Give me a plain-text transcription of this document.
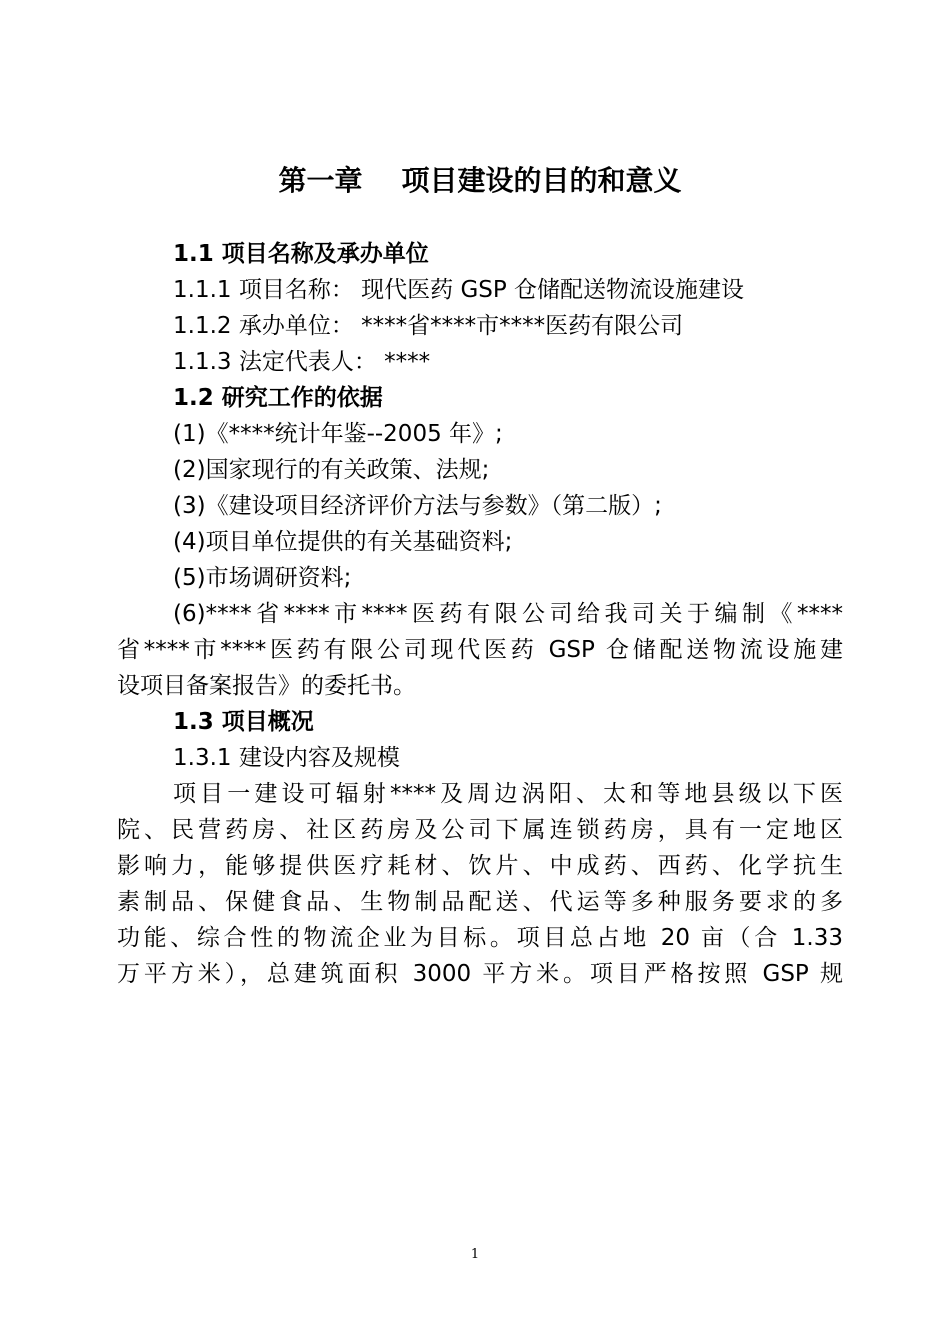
第一章    项目建设的目的和意义
1.1 项目名称及承办单位
1.1.1 项目名称： 现代医药 GSP 仓储配送物流设施建设
1.1.2 承办单位： ****省****市****医药有限公司
1.1.3 法定代表人： ****
1.2 研究工作的依据
(1)《****统计年鉴--2005 年》;
(2)国家现行的有关政策、法规;
(3)《建设项目经济评价方法与参数》（第二版）;
(4)项目单位提供的有关基础资料;
(5)市场调研资料;
(6)****省****市****医药有限公司给我司关于编制《****
省****市****医药有限公司现代医药 GSP 仓储配送物流设施建
设项目备案报告》的委托书。
1.3 项目概况
1.3.1 建设内容及规模
项目一建设可辐射****及周边涡阳、太和等地县级以下医
院、民营药房、社区药房及公司下属连锁药房，具有一定地区
影响力，能够提供医疗耗材、饮片、中成药、西药、化学抗生
素制品、保健食品、生物制品配送、代运等多种服务要求的多
功能、综合性的物流企业为目标。项目总占地 20 亩（合 1.33
万平方米），总建筑面积 3000 平方米。项目严格按照 GSP 规
1
